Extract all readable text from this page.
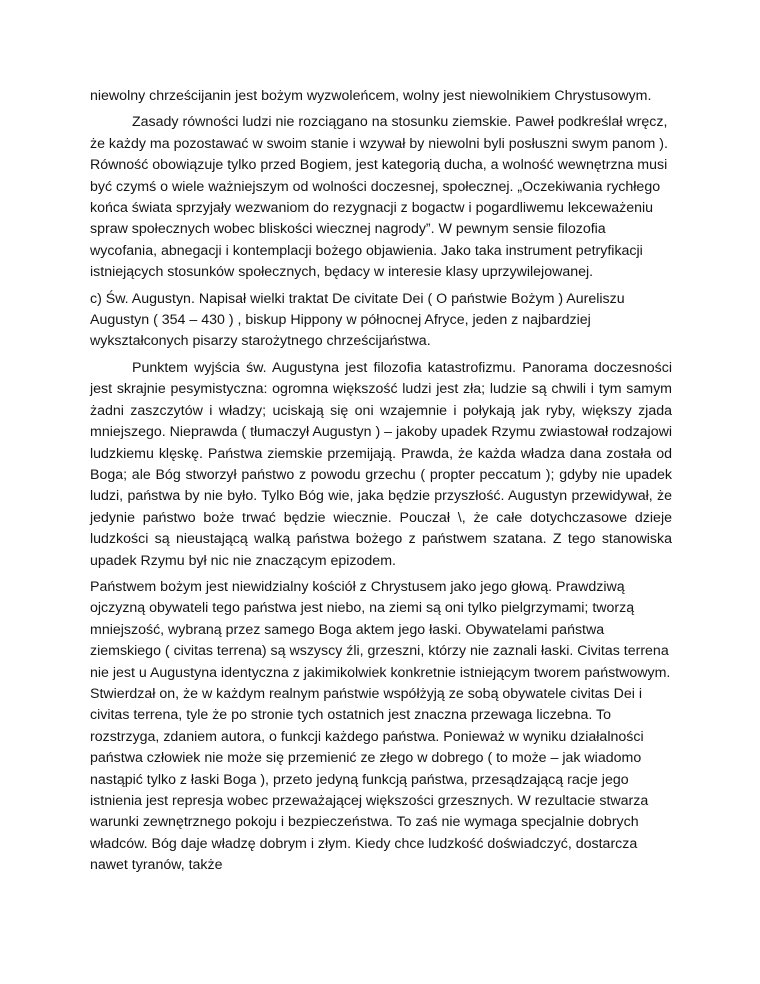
niewolny chrześcijanin jest bożym wyzwoleńcem, wolny jest niewolnikiem Chrystusowym.

Zasady równości ludzi nie rozciągano na stosunku ziemskie. Paweł podkreślał wręcz, że każdy ma pozostawać w swoim stanie i wzywał by niewolni byli posłuszni swym panom ). Równość obowiązuje tylko przed Bogiem, jest kategorią ducha, a wolność wewnętrzna musi być czymś o wiele ważniejszym od wolności doczesnej, społecznej. „Oczekiwania rychłego końca świata sprzyjały wezwaniom do rezygnacji z bogactw i pogardliwemu lekceważeniu spraw społecznych wobec bliskości wiecznej nagrody”. W pewnym sensie filozofia wycofania, abnegacji i kontemplacji bożego objawienia. Jako taka instrument petryfikacji istniejących stosunków społecznych, będacy w interesie klasy uprzywilejowanej.

c) Św. Augustyn. Napisał wielki traktat De civitate Dei ( O państwie Bożym ) Aureliszu Augustyn ( 354 – 430 ) , biskup Hippony w północnej Afryce, jeden z najbardziej wykształconych pisarzy starożytnego chrześcijaństwa.

Punktem wyjścia św. Augustyna jest filozofia katastrofizmu. Panorama doczesności jest skrajnie pesymistyczna: ogromna większość ludzi jest zła; ludzie są chwili i tym samym żadni zaszczytów i władzy; uciskają się oni wzajemnie i połykają jak ryby, większy zjada mniejszego. Nieprawda ( tłumaczył Augustyn ) – jakoby upadek Rzymu zwiastował rodzajowi ludzkiemu klęskę. Państwa ziemskie przemijają. Prawda, że każda władza dana została od Boga; ale Bóg stworzył państwo z powodu grzechu ( propter peccatum ); gdyby nie upadek ludzi, państwa by nie było. Tylko Bóg wie, jaka będzie przyszłość. Augustyn przewidywał, że jedynie państwo boże trwać będzie wiecznie. Pouczał \, że całe dotychczasowe dzieje ludzkości są nieustającą walką państwa bożego z państwem szatana. Z tego stanowiska upadek Rzymu był nic nie znaczącym epizodem.

Państwem bożym jest niewidzialny kościół z Chrystusem jako jego głową. Prawdziwą ojczyzną obywateli tego państwa jest niebo, na ziemi są oni tylko pielgrzymami; tworzą mniejszość, wybraną przez samego Boga aktem jego łaski. Obywatelami państwa ziemskiego ( civitas terrena) są wszyscy źli, grzeszni, którzy nie zaznali łaski. Civitas terrena nie jest u Augustyna identyczna z jakimikolwiek konkretnie istniejącym tworem państwowym. Stwierdzał on, że w każdym realnym państwie współżyją ze sobą obywatele civitas Dei i civitas terrena, tyle że po stronie tych ostatnich jest znaczna przewaga liczebna. To rozstrzyga, zdaniem autora, o funkcji każdego państwa. Ponieważ w wyniku działalności państwa człowiek nie może się przemienić ze złego w dobrego ( to może – jak wiadomo nastąpić tylko z łaski Boga ), przeto jedyną funkcją państwa, przesądzającą racje jego istnienia jest represja wobec przeważającej większości grzesznych. W rezultacie stwarza warunki zewnętrznego pokoju i bezpieczeństwa. To zaś nie wymaga specjalnie dobrych władców. Bóg daje władzę dobrym i złym. Kiedy chce ludzkość doświadczyć, dostarcza nawet tyranów, także
